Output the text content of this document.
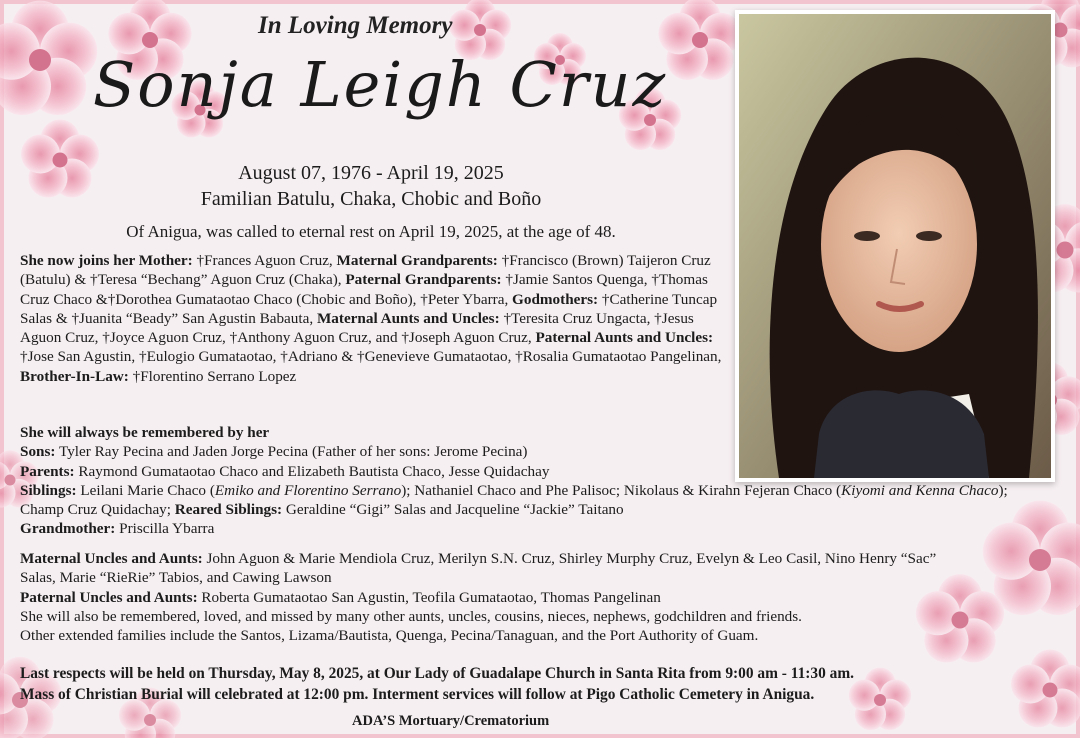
In Loving Memory
Sonja Leigh Cruz
August 07, 1976 - April 19, 2025
Familian Batulu, Chaka, Chobic and Boño
Of Anigua, was called to eternal rest on April 19, 2025, at the age of 48.
She now joins her Mother: †Frances Aguon Cruz, Maternal Grandparents: †Francisco (Brown) Taijeron Cruz (Batulu) & †Teresa “Bechang” Aguon Cruz (Chaka), Paternal Grandparents: †Jamie Santos Quenga, †Thomas Cruz Chaco &†Dorothea Gumataotao Chaco (Chobic and Boño), †Peter Ybarra, Godmothers: †Catherine Tuncap Salas & †Juanita “Beady” San Agustin Babauta, Maternal Aunts and Uncles: †Teresita Cruz Ungacta, †Jesus Aguon Cruz, †Joyce Aguon Cruz, †Anthony Aguon Cruz, and †Joseph Aguon Cruz, Paternal Aunts and Uncles: †Jose San Agustin, †Eulogio Gumataotao, †Adriano & †Genevieve Gumataotao, †Rosalia Gumataotao Pangelinan, Brother-In-Law: †Florentino Serrano Lopez
She will always be remembered by her
Sons: Tyler Ray Pecina and Jaden Jorge Pecina (Father of her sons: Jerome Pecina)
Parents: Raymond Gumataotao Chaco and Elizabeth Bautista Chaco, Jesse Quidachay
Siblings: Leilani Marie Chaco (Emiko and Florentino Serrano); Nathaniel Chaco and Phe Palisoc; Nikolaus & Kirahn Fejeran Chaco (Kiyomi and Kenna Chaco); Champ Cruz Quidachay; Reared Siblings: Geraldine “Gigi” Salas and Jacqueline “Jackie” Taitano
Grandmother: Priscilla Ybarra
Maternal Uncles and Aunts: John Aguon & Marie Mendiola Cruz, Merilyn S.N. Cruz, Shirley Murphy Cruz, Evelyn & Leo Casil, Nino Henry “Sac” Salas, Marie “RieRie” Tabios, and Cawing Lawson
Paternal Uncles and Aunts: Roberta Gumataotao San Agustin, Teofila Gumataotao, Thomas Pangelinan
She will also be remembered, loved, and missed by many other aunts, uncles, cousins, nieces, nephews, godchildren and friends.
Other extended families include the Santos, Lizama/Bautista, Quenga, Pecina/Tanaguan, and the Port Authority of Guam.
Last respects will be held on Thursday, May 8, 2025, at Our Lady of Guadalape Church in Santa Rita from 9:00 am - 11:30 am.
Mass of Christian Burial will celebrated at 12:00 pm. Interment services will follow at Pigo Catholic Cemetery in Anigua.
ADA’S Mortuary/Crematorium
